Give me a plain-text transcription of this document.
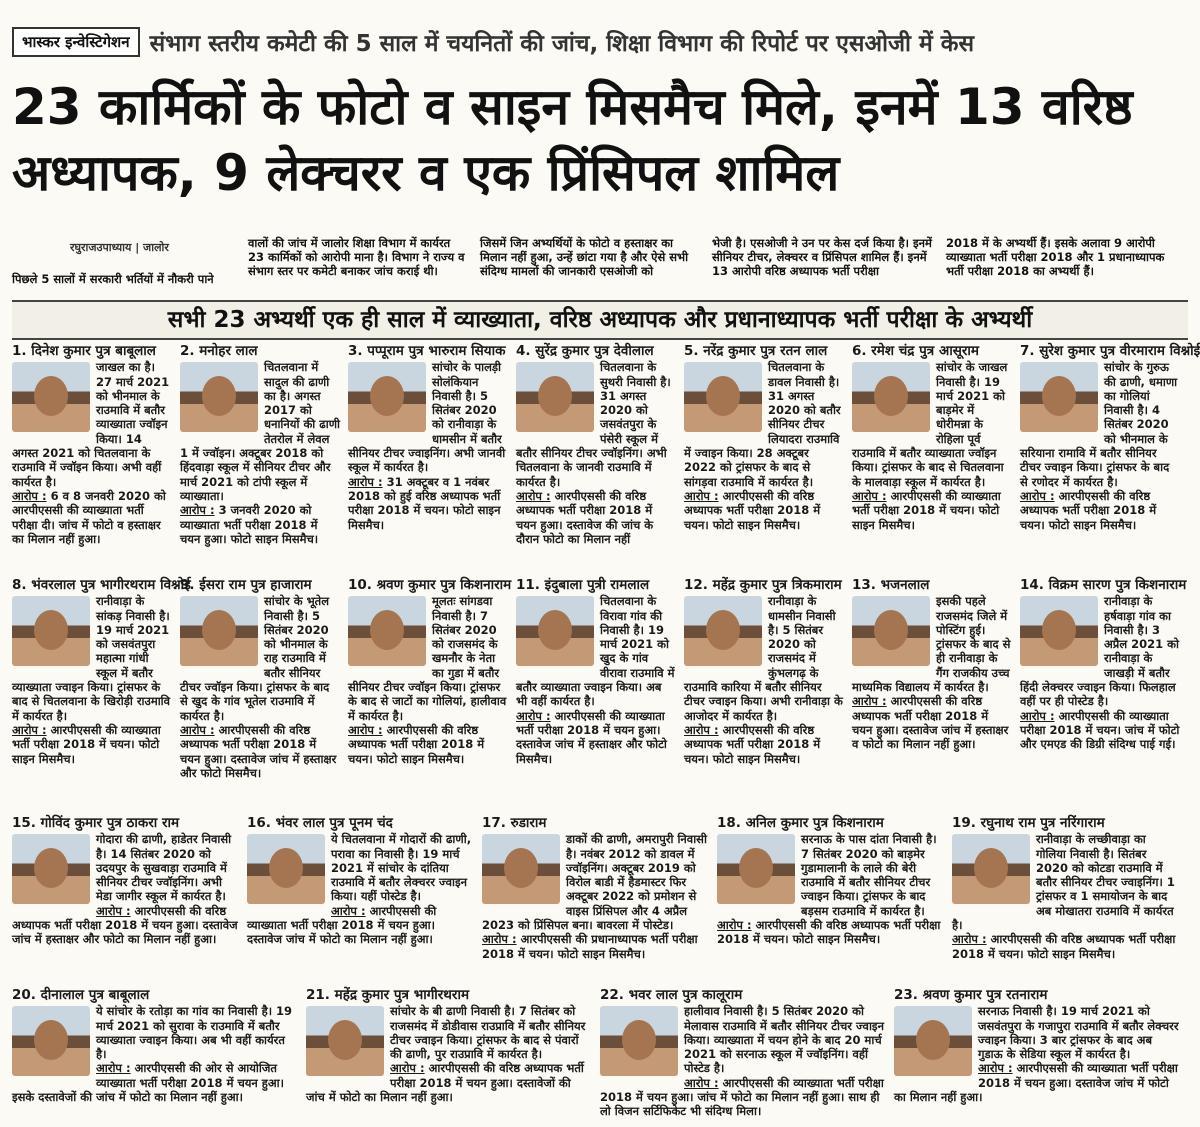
भास्कर इन्वेस्टिगेशन संभाग स्तरीय कमेटी की 5 साल में चयनितों की जांच, शिक्षा विभाग की रिपोर्ट पर एसओजी में केस
23 कार्मिकों के फोटो व साइन मिसमैच मिले, इनमें 13 वरिष्ठ अध्यापक, 9 लेक्चरर व एक प्रिंसिपल शामिल
रघुराजउपाध्याय | जालोर

पिछले 5 सालों में सरकारी भर्तियों में नौकरी पाने

वालों की जांच में जालोर शिक्षा विभाग में कार्यरत 23 कार्मिकों को आरोपी माना है। विभाग ने राज्य व संभाग स्तर पर कमेटी बनाकर जांच कराई थी।

जिसमें जिन अभ्यर्थियों के फोटो व हस्ताक्षर का मिलान नहीं हुआ, उन्हें छांटा गया है और ऐसे सभी संदिग्ध मामलों की जानकारी एसओजी को

भेजी है। एसओजी ने उन पर केस दर्ज किया है। इनमें सीनियर टीचर, लेक्चरर व प्रिंसिपल शामिल हैं। इनमें 13 आरोपी वरिष्ठ अध्यापक भर्ती परीक्षा

2018 में के अभ्यर्थी हैं। इसके अलावा 9 आरोपी व्याख्याता भर्ती परीक्षा 2018 और 1 प्रधानाध्यापक भर्ती परीक्षा 2018 का अभ्यर्थी हैं।

सभी 23 अभ्यर्थी एक ही साल में व्याख्याता, वरिष्ठ अध्यापक और प्रधानाध्यापक भर्ती परीक्षा के अभ्यर्थी
1. दिनेश कुमार पुत्र बाबूलाल
जाखल का है। 27 मार्च 2021 को भीनमाल के राउमावि में बतौर व्याख्याता ज्वॉइन किया। 14 अगस्त 2021 को चितलवाना के राउमावि में ज्वॉइन किया। अभी वहीं कार्यरत है।
आरोप : 6 व 8 जनवरी 2020 को आरपीएससी की व्याख्याता भर्ती परीक्षा दी। जांच में फोटो व हस्ताक्षर का मिलान नहीं हुआ।
2. मनोहर लाल
चितलवाना में सादुल की ढाणी का है। अगस्त 2017 को धनानियों की ढाणी तेतरोल में लेवल 1 में ज्वॉइन। अक्टूबर 2018 को हिंदवाड़ा स्कूल में सीनियर टीचर और मार्च 2021 को टांपी स्कूल में व्याख्याता।
आरोप : 3 जनवरी 2020 को व्याख्याता भर्ती परीक्षा 2018 में चयन हुआ। फोटो साइन मिसमैच।
3. पप्पूराम पुत्र भारुराम सियाक
सांचोर के पालड़ी सोलंकियान निवासी है। 5 सितंबर 2020 को रानीवाड़ा के धामसीन में बतौर सीनियर टीचर ज्वाइनिंग। अभी जानवी स्कूल में कार्यरत है।
आरोप : 31 अक्टूबर व 1 नवंबर 2018 को हुई वरिष्ठ अध्यापक भर्ती परीक्षा 2018 में चयन। फोटो साइन मिसमैच।
4. सुरेंद्र कुमार पुत्र देवीलाल
चितलवाना के सुथरी निवासी है। 31 अगस्त 2020 को जसवंतपुरा के पंसेरी स्कूल में बतौर सीनियर टीचर ज्वॉइनिंग। अभी चितलवाना के जानवी राउमावि में कार्यरत है।
आरोप : आरपीएससी की वरिष्ठ अध्यापक भर्ती परीक्षा 2018 में चयन हुआ। दस्तावेज की जांच के दौरान फोटो का मिलान नहीं
5. नरेंद्र कुमार पुत्र रतन लाल
चितलवाना के डावल निवासी है। 31 अगस्त 2020 को बतौर सीनियर टीचर लियादरा राउमावि में ज्वाइन किया। 28 अक्टूबर 2022 को ट्रांसफर के बाद से सांगड़वा राउमावि में कार्यरत है।
आरोप : आरपीएससी की वरिष्ठ अध्यापक भर्ती परीक्षा 2018 में चयन। फोटो साइन मिसमैच।
6. रमेश चंद्र पुत्र आसूराम
सांचोर के जाखल निवासी है। 19 मार्च 2021 को बाड़मेर में धोरीमन्ना के रोहिला पूर्व राउमावि में बतौर व्याख्याता ज्वॉइन किया। ट्रांसफर के बाद से चितलवाना के मालवाड़ा स्कूल में कार्यरत है।
आरोप : आरपीएससी की व्याख्याता भर्ती परीक्षा 2018 में चयन। फोटो साइन मिसमैच।
7. सुरेश कुमार पुत्र वीरमाराम विश्नोई
सांचोर के गुरुऊ की ढाणी, धमाणा का गोलियां निवासी है। 4 सितंबर 2020 को भीनमाल के सरियाना रामावि में बतौर सीनियर टीचर ज्वाइन किया। ट्रांसफर के बाद से रणोदर में कार्यरत है।
आरोप : आरपीएससी की वरिष्ठ अध्यापक भर्ती परीक्षा 2018 में चयन। फोटो साइन मिसमैच।
8. भंवरलाल पुत्र भागीरथराम विश्नोई
रानीवाड़ा के सांकड़ निवासी है। 19 मार्च 2021 को जसवंतपुरा महात्मा गांधी स्कूल में बतौर व्याख्याता ज्वाइन किया। ट्रांसफर के बाद से चितलवाना के खिरोड़ी राउमावि में कार्यरत है।
आरोप : आरपीएससी की व्याख्याता भर्ती परीक्षा 2018 में चयन। फोटो साइन मिसमैच।
9. ईसरा राम पुत्र हाजाराम
सांचोर के भूतेल निवासी है। 5 सितंबर 2020 को भीनमाल के राह राउमावि में बतौर सीनियर टीचर ज्वॉइन किया। ट्रांसफर के बाद से खुद के गांव भूतेल राउमावि में कार्यरत है।
आरोप : आरपीएससी की वरिष्ठ अध्यापक भर्ती परीक्षा 2018 में चयन हुआ। दस्तावेज जांच में हस्ताक्षर और फोटो मिसमैच।
10. श्रवण कुमार पुत्र किशनाराम
मूलतः सांगडवा निवासी है। 7 सितंबर 2020 को राजसमंद के खमनौर के नेता का गुडा में बतौर सीनियर टीचर ज्वॉइन किया। ट्रांसफर के बाद से जाटों का गोलियां, हालीवाव में कार्यरत है।
आरोप : आरपीएससी की वरिष्ठ अध्यापक भर्ती परीक्षा 2018 में चयन। फोटो साइन मिसमैच।
11. इंदुबाला पुत्री रामलाल
चितलवाना के विरावा गांव की निवासी है। 19 मार्च 2021 को खुद के गांव वीरावा राउमावि में बतौर व्याख्याता ज्वाइन किया। अब भी वहीं कार्यरत है।
आरोप : आरपीएससी की व्याख्याता भर्ती परीक्षा 2018 में चयन हुआ। दस्तावेज जांच में हस्ताक्षर और फोटो मिसमैच।
12. महेंद्र कुमार पुत्र त्रिकमाराम
रानीवाड़ा के धामसीन निवासी है। 5 सितंबर 2020 को राजसमंद में कुंभलगढ़ के राउमावि कारिया में बतौर सीनियर टीचर ज्वाइन किया। अभी रानीवाड़ा के आजोदर में कार्यरत है।
आरोप : आरपीएससी की वरिष्ठ अध्यापक भर्ती परीक्षा 2018 में चयन। फोटो साइन मिसमैच।
13. भजनलाल
इसकी पहले राजसमंद जिले में पोस्टिंग हुई। ट्रांसफर के बाद से ही रानीवाड़ा के गैंग राजकीय उच्च माध्यमिक विद्यालय में कार्यरत है।
आरोप : आरपीएससी की वरिष्ठ अध्यापक भर्ती परीक्षा 2018 में चयन हुआ। दस्तावेज जांच में हस्ताक्षर व फोटो का मिलान नहीं हुआ।
14. विक्रम सारण पुत्र किशनाराम
रानीवाड़ा के हर्षवाड़ा गांव का निवासी है। 3 अप्रैल 2021 को रानीवाड़ा के जाखड़ी में बतौर हिंदी लेक्चरर ज्वाइन किया। फिलहाल वहीं पर ही पोस्टेड है।
आरोप : आरपीएससी की व्याख्याता परीक्षा 2018 में चयन। जांच में फोटो और एमएड की डिग्री संदिग्ध पाई गई।
15. गोविंद कुमार पुत्र ठाकरा राम
गोदारा की ढाणी, हाडेतर निवासी है। 14 सितंबर 2020 को उदयपुर के सुखवाड़ा राउमावि में सीनियर टीचर ज्वॉइनिंग। अभी मेडा जागीर स्कूल में कार्यरत है।
आरोप : आरपीएससी की वरिष्ठ अध्यापक भर्ती परीक्षा 2018 में चयन हुआ। दस्तावेज जांच में हस्ताक्षर और फोटो का मिलान नहीं हुआ।
16. भंवर लाल पुत्र पूनम चंद
ये चितलवाना में गोदारों की ढाणी, परावा का निवासी है। 19 मार्च 2021 में सांचोर के दांतिया राउमावि में बतौर लेक्चरर ज्वाइन किया। यहीं पोस्टेड है।
आरोप : आरपीएससी की व्याख्याता भर्ती परीक्षा 2018 में चयन हुआ। दस्तावेज जांच में फोटो का मिलान नहीं हुआ।
17. रुडाराम
डाकों की ढाणी, अमरापुरी निवासी है। नवंबर 2012 को डावल में ज्वॉइनिंग। अक्टूबर 2019 को विरोल बाडी में हैडमास्टर फिर अक्टूबर 2022 को प्रमोशन से वाइस प्रिंसिपल और 4 अप्रैल 2023 को प्रिंसिपल बना। बावरला में पोस्टेड।
आरोप : आरपीएससी की प्रधानाध्यापक भर्ती परीक्षा 2018 में चयन। फोटो साइन मिसमैच।
18. अनिल कुमार पुत्र किशनाराम
सरनाऊ के पास दांता निवासी है। 7 सितंबर 2020 को बाड़मेर गुडामालानी के लाले की बेरी राउमावि में बतौर सीनियर टीचर ज्वाइन किया। ट्रांसफर के बाद बड़सम राउमावि में कार्यरत है।
आरोप : आरपीएससी की वरिष्ठ अध्यापक भर्ती परीक्षा 2018 में चयन। फोटो साइन मिसमैच।
19. रघुनाथ राम पुत्र नरिंगाराम
रानीवाड़ा के लच्छीवाड़ा का गोलिया निवासी है। सितंबर 2020 को कोटडा राउमावि में बतौर सीनियर टीचर ज्वाइनिंग। 1 ट्रांसफर व 1 समायोजन के बाद अब मोखातरा राउमावि में कार्यरत है।
आरोप : आरपीएससी की वरिष्ठ अध्यापक भर्ती परीक्षा 2018 में चयन। फोटो साइन मिसमैच।
20. दीनालाल पुत्र बाबूलाल
ये सांचोर के रतोड़ा का गांव का निवासी है। 19 मार्च 2021 को सुरावा के राउमावि में बतौर व्याख्याता ज्वाइन किया। अब भी वहीं कार्यरत है।
आरोप : आरपीएससी की ओर से आयोजित व्याख्याता भर्ती परीक्षा 2018 में चयन हुआ। इसके दस्तावेजों की जांच में फोटो का मिलान नहीं हुआ।
21. महेंद्र कुमार पुत्र भागीरथराम
सांचोर के बी ढाणी निवासी है। 7 सितंबर को राजसमंद में डोडीवास राउप्रावि में बतौर सीनियर टीचर ज्वाइन किया। ट्रांसफर के बाद से पंवारों की ढाणी, पुर राउप्रावि में कार्यरत है।
आरोप : आरपीएससी की वरिष्ठ अध्यापक भर्ती परीक्षा 2018 में चयन हुआ। दस्तावेजों की जांच में फोटो का मिलान नहीं हुआ।
22. भवर लाल पुत्र कालूराम
हालीवाव निवासी है। 5 सितंबर 2020 को मेलावास राउमावि में बतौर सीनियर टीचर ज्वाइन किया। व्याख्याता में चयन होने के बाद 20 मार्च 2021 को सरनाऊ स्कूल में ज्वॉइनिंग। वहीं पोस्टेड है।
आरोप : आरपीएससी की व्याख्याता भर्ती परीक्षा 2018 में चयन हुआ। जांच में फोटो का मिलान नहीं हुआ। साथ ही लो विजन सर्टिफिकेट भी संदिग्ध मिला।
23. श्रवण कुमार पुत्र रतनाराम
सरनाऊ निवासी है। 19 मार्च 2021 को जसवंतपुरा के गजापुरा राउमावि में बतौर लेक्चरर ज्वाइन किया। 3 बार ट्रांसफर के बाद अब गुडाऊ के सेडिया स्कूल में कार्यरत है।
आरोप : आरपीएससी की व्याख्याता भर्ती परीक्षा 2018 में चयन हुआ। दस्तावेज जांच में फोटो का मिलान नहीं हुआ।
